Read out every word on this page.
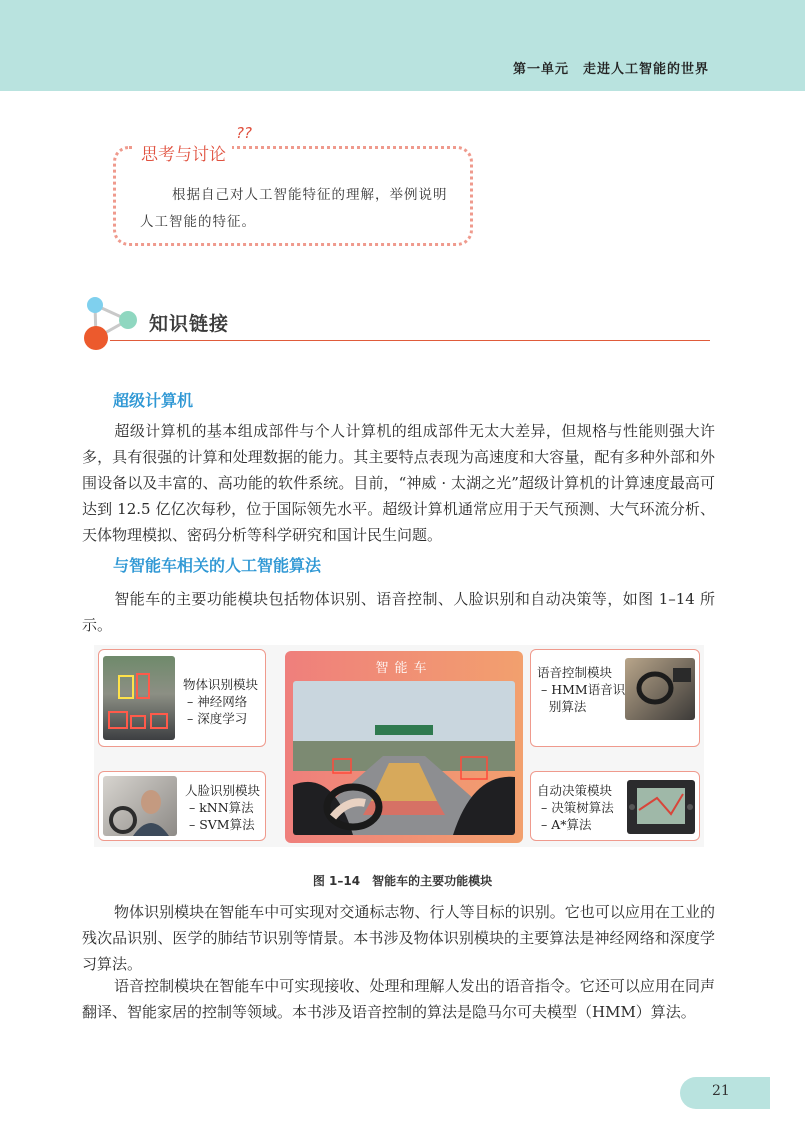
第一单元　走进人工智能的世界
思考与讨论
??
根据自己对人工智能特征的理解，举例说明人工智能的特征。
知识链接
超级计算机
超级计算机的基本组成部件与个人计算机的组成部件无太大差异，但规格与性能则强大许多，具有很强的计算和处理数据的能力。其主要特点表现为高速度和大容量，配有多种外部和外围设备以及丰富的、高功能的软件系统。目前，“神威 · 太湖之光”超级计算机的计算速度最高可达到 12.5 亿亿次每秒，位于国际领先水平。超级计算机通常应用于天气预测、大气环流分析、天体物理模拟、密码分析等科学研究和国计民生问题。
与智能车相关的人工智能算法
智能车的主要功能模块包括物体识别、语音控制、人脸识别和自动决策等，如图 1–14 所示。
物体识别模块
– 神经网络
– 深度学习
人脸识别模块
– kNN算法
– SVM算法
智能车	语音控制模块
– HMM语音识
别算法
自动决策模块
– 决策树算法
– A*算法
图 1–14　智能车的主要功能模块
物体识别模块在智能车中可实现对交通标志物、行人等目标的识别。它也可以应用在工业的残次品识别、医学的肺结节识别等情景。本书涉及物体识别模块的主要算法是神经网络和深度学习算法。
语音控制模块在智能车中可实现接收、处理和理解人发出的语音指令。它还可以应用在同声翻译、智能家居的控制等领域。本书涉及语音控制的算法是隐马尔可夫模型（HMM）算法。
21
